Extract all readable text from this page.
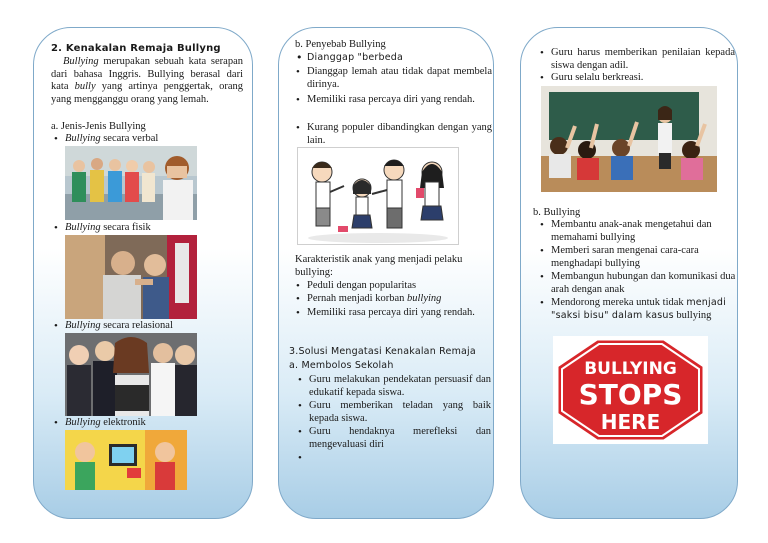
2. Kenakalan Remaja Bullyng
Bullying merupakan sebuah kata serapan dari bahasa Inggris. Bullying berasal dari kata bully yang artinya penggertak, orang yang mengganggu orang yang lemah.
a. Jenis-Jenis Bullying
• Bullying secara verbal
• Bullying secara fisik
• Bullying secara relasional
• Bullying elektronik
b. Penyebab Bullying
• Dianggap "berbeda
• Dianggap lemah atau tidak dapat membela dirinya.
• Memiliki rasa percaya diri yang rendah.
• Kurang populer dibandingkan dengan yang lain.
Karakteristik anak yang menjadi pelaku bullying:
• Peduli dengan popularitas
• Pernah menjadi korban bullying
• Memiliki rasa percaya diri yang rendah.
3.Solusi Mengatasi Kenakalan Remaja
a. Membolos Sekolah
• Guru melakukan pendekatan persuasif dan edukatif kepada siswa.
• Guru memberikan teladan yang baik kepada siswa.
• Guru hendaknya merefleksi dan mengevaluasi diri
•
• Guru harus memberikan penilaian kepada siswa dengan adil.
• Guru selalu berkreasi.
b. Bullying
• Membantu anak-anak mengetahui dan memahami bullying
• Memberi saran mengenai cara-cara menghadapi bullying
• Membangun hubungan dan komunikasi dua arah dengan anak
• Mendorong mereka untuk tidak menjadi "saksi bisu" dalam kasus bullying
BULLYING
STOPS
HERE
